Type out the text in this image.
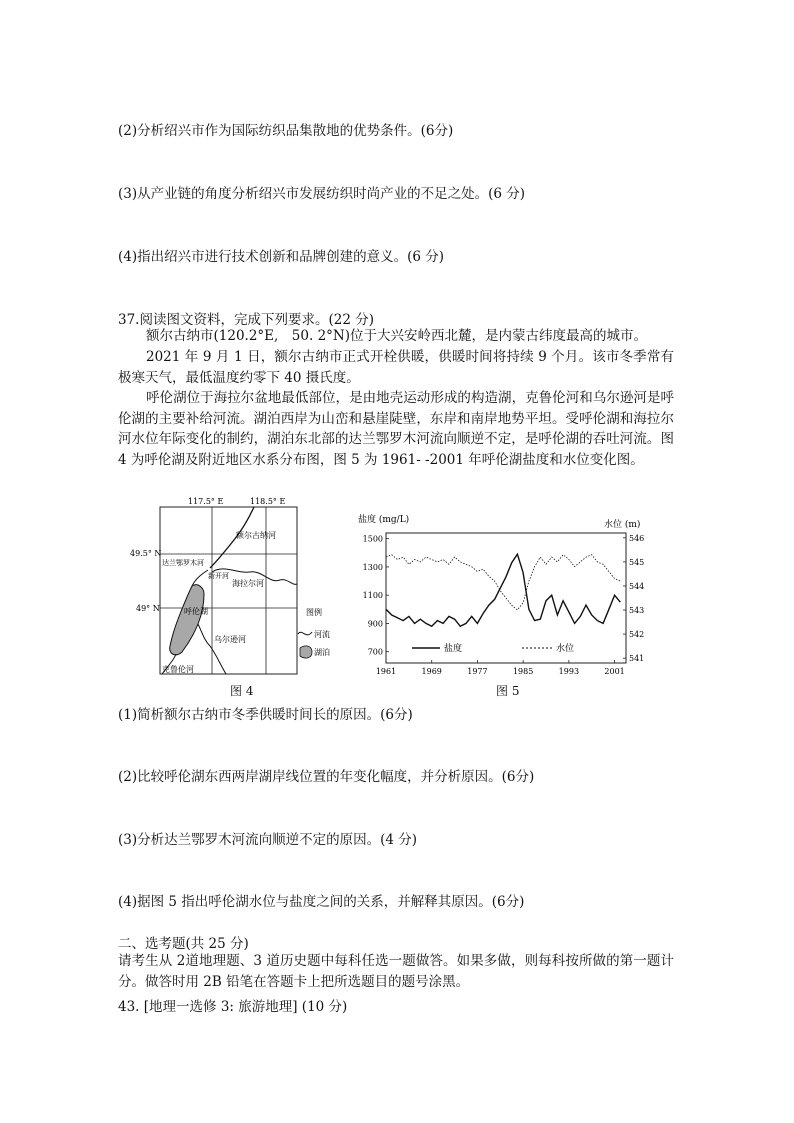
(2)分析绍兴市作为国际纺织品集散地的优势条件。(6分)
(3)从产业链的角度分析绍兴市发展纺织时尚产业的不足之处。(6 分)
(4)指出绍兴市进行技术创新和品牌创建的意义。(6 分)
37.阅读图文资料，完成下列要求。(22 分)
额尔古纳市(120.2°E,　50. 2°N)位于大兴安岭西北麓，是内蒙古纬度最高的城市。
2021 年 9 月 1 日，额尔古纳市正式开栓供暖，供暖时间将持续 9 个月。该市冬季常有极寒天气，最低温度约零下 40 摄氏度。
呼伦湖位于海拉尔盆地最低部位，是由地壳运动形成的构造湖，克鲁伦河和乌尔逊河是呼伦湖的主要补给河流。湖泊西岸为山峦和悬崖陡壁，东岸和南岸地势平坦。受呼伦湖和海拉尔河水位年际变化的制约，湖泊东北部的达兰鄂罗木河流向顺逆不定，是呼伦湖的吞吐河流。图 4 为呼伦湖及附近地区水系分布图，图 5 为 1961- -2001 年呼伦湖盐度和水位变化图。
117.5° E	118.5° E
49.5° N
49° N
额尔古纳河
达兰鄂罗木河
新开河
海拉尔河
呼伦湖
乌尔逊河
克鲁伦河
图例
河流
湖泊
图 4
盐度 (mg/L)	水位 (m)
1500
1300
1100
900
700
546
545
544
543
542
541
1961	1969	1977	1985	1993	2001
盐度	水位
图 5
(1)简析额尔古纳市冬季供暖时间长的原因。(6分)
(2)比较呼伦湖东西两岸湖岸线位置的年变化幅度，并分析原因。(6分)
(3)分析达兰鄂罗木河流向顺逆不定的原因。(4 分)
(4)据图 5 指出呼伦湖水位与盐度之间的关系，并解释其原因。(6分)
二、选考题(共 25 分)
请考生从 2道地理题、3 道历史题中每科任选一题做答。如果多做，则每科按所做的第一题计分。做答时用 2B 铅笔在答题卡上把所选题目的题号涂黑。
43. [地理一选修 3: 旅游地理] (10 分)
